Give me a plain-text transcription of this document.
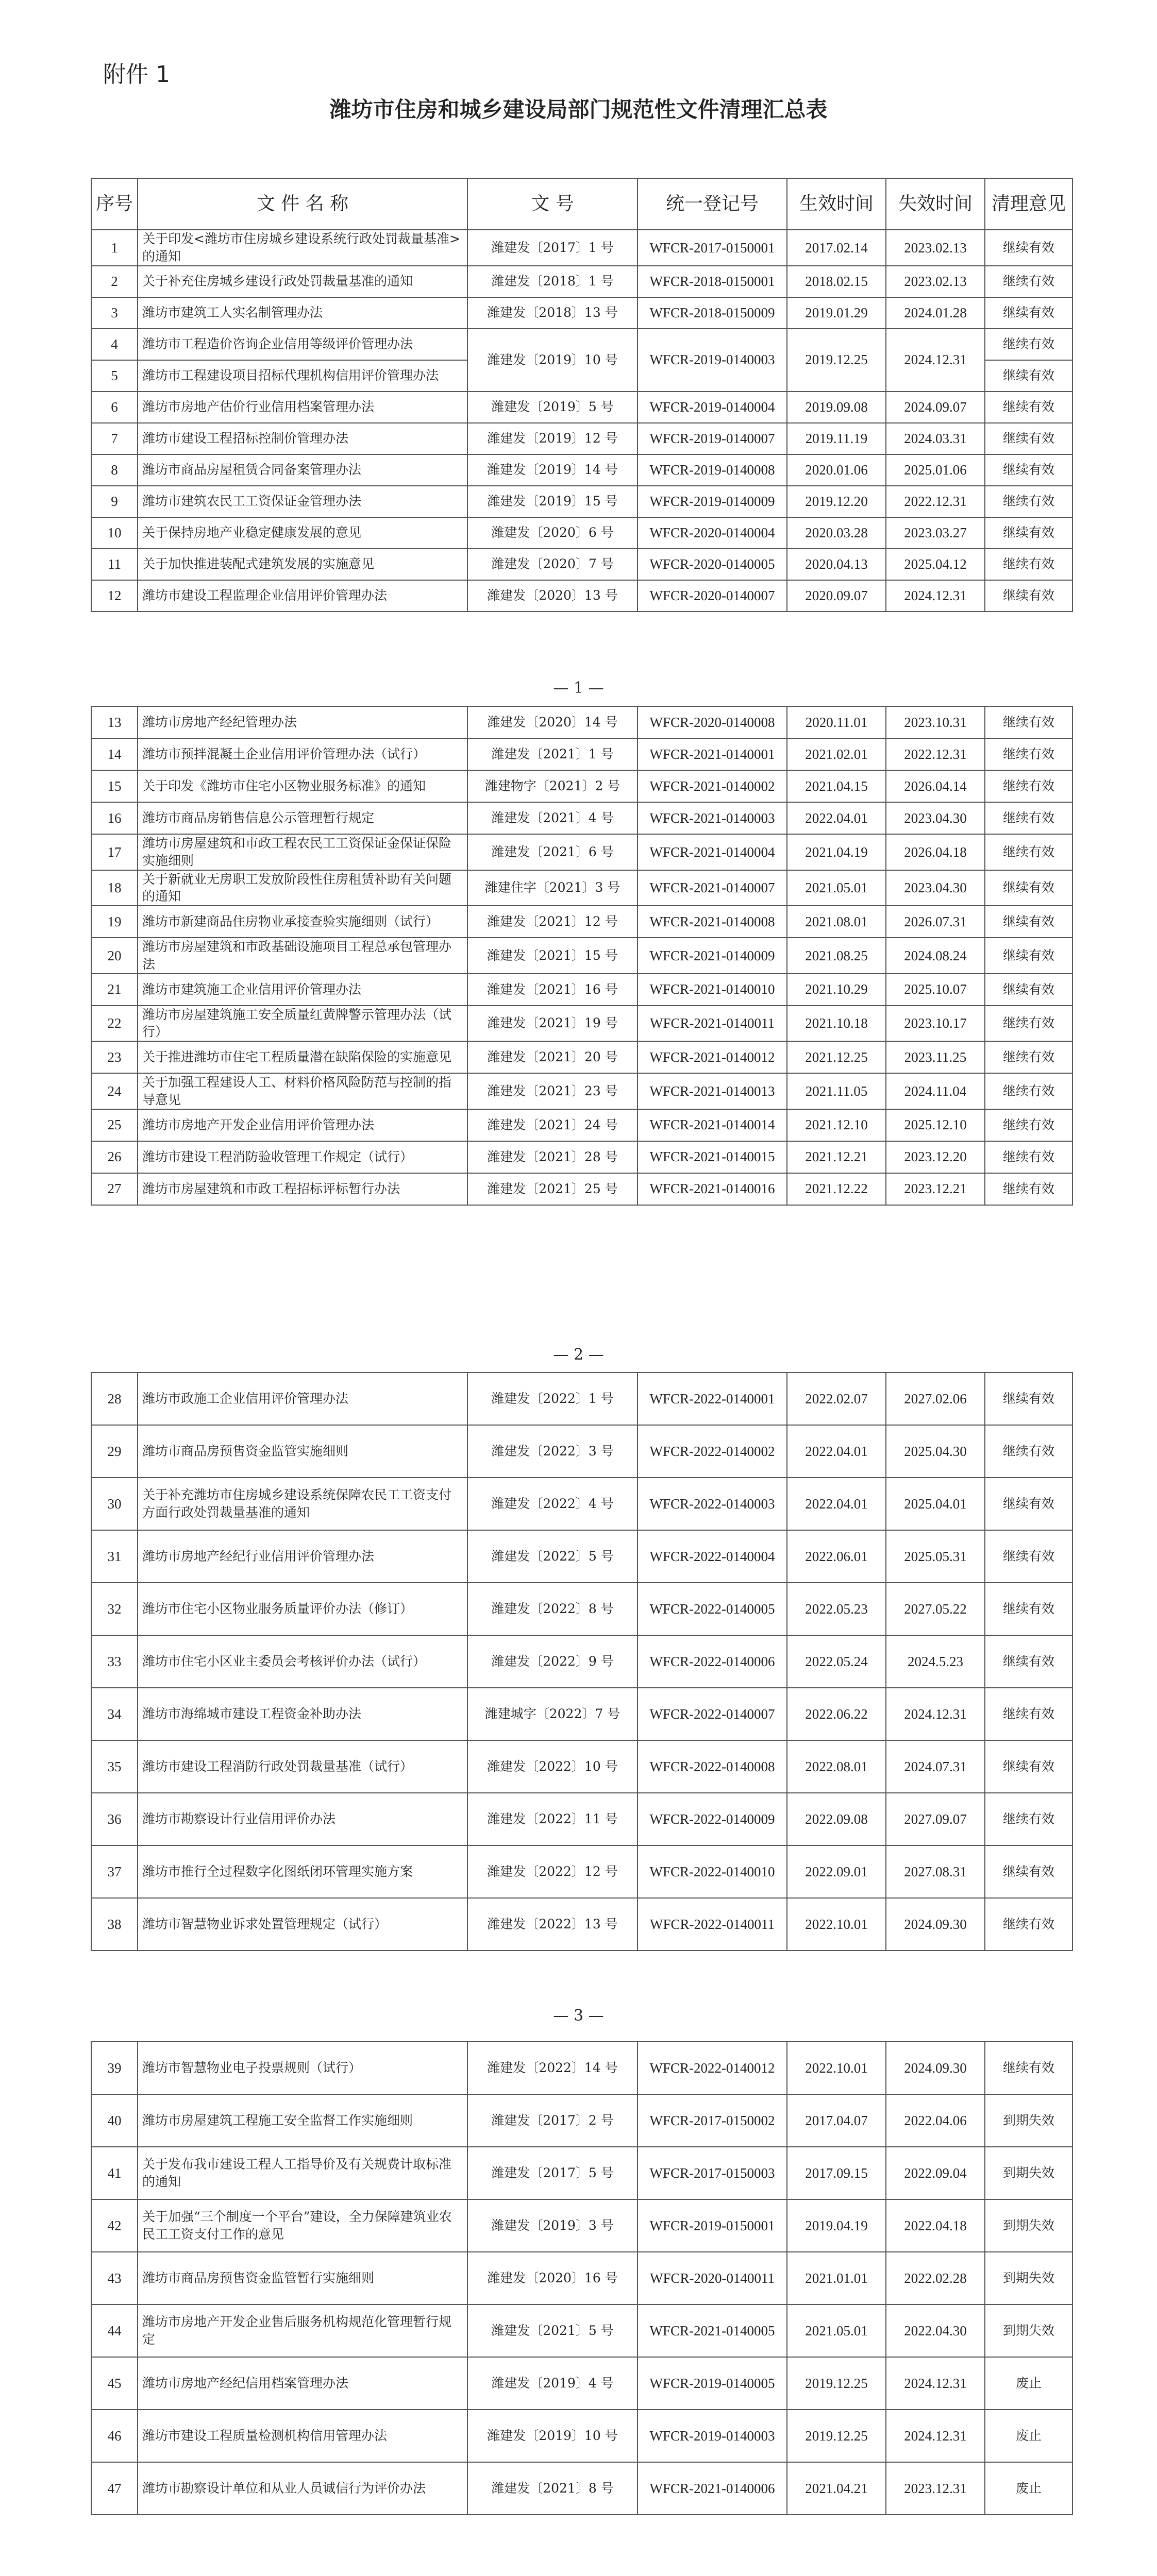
附件 1
潍坊市住房和城乡建设局部门规范性文件清理汇总表
序号	文 件 名 称	文 号	统一登记号	生效时间	失效时间	清理意见
1	关于印发<潍坊市住房城乡建设系统行政处罚裁量基准>的通知	潍建发〔2017〕1 号	WFCR-2017-0150001	2017.02.14	2023.02.13	继续有效
2	关于补充住房城乡建设行政处罚裁量基准的通知	潍建发〔2018〕1 号	WFCR-2018-0150001	2018.02.15	2023.02.13	继续有效
3	潍坊市建筑工人实名制管理办法	潍建发〔2018〕13 号	WFCR-2018-0150009	2019.01.29	2024.01.28	继续有效
4	潍坊市工程造价咨询企业信用等级评价管理办法	潍建发〔2019〕10 号	WFCR-2019-0140003	2019.12.25	2024.12.31	继续有效
5	潍坊市工程建设项目招标代理机构信用评价管理办法					继续有效
6	潍坊市房地产估价行业信用档案管理办法	潍建发〔2019〕5 号	WFCR-2019-0140004	2019.09.08	2024.09.07	继续有效
7	潍坊市建设工程招标控制价管理办法	潍建发〔2019〕12 号	WFCR-2019-0140007	2019.11.19	2024.03.31	继续有效
8	潍坊市商品房屋租赁合同备案管理办法	潍建发〔2019〕14 号	WFCR-2019-0140008	2020.01.06	2025.01.06	继续有效
9	潍坊市建筑农民工工资保证金管理办法	潍建发〔2019〕15 号	WFCR-2019-0140009	2019.12.20	2022.12.31	继续有效
10	关于保持房地产业稳定健康发展的意见	潍建发〔2020〕6 号	WFCR-2020-0140004	2020.03.28	2023.03.27	继续有效
11	关于加快推进装配式建筑发展的实施意见	潍建发〔2020〕7 号	WFCR-2020-0140005	2020.04.13	2025.04.12	继续有效
12	潍坊市建设工程监理企业信用评价管理办法	潍建发〔2020〕13 号	WFCR-2020-0140007	2020.09.07	2024.12.31	继续有效
— 1 —
13	潍坊市房地产经纪管理办法	潍建发〔2020〕14 号	WFCR-2020-0140008	2020.11.01	2023.10.31	继续有效
14	潍坊市预拌混凝土企业信用评价管理办法（试行）	潍建发〔2021〕1 号	WFCR-2021-0140001	2021.02.01	2022.12.31	继续有效
15	关于印发《潍坊市住宅小区物业服务标准》的通知	潍建物字〔2021〕2 号	WFCR-2021-0140002	2021.04.15	2026.04.14	继续有效
16	潍坊市商品房销售信息公示管理暂行规定	潍建发〔2021〕4 号	WFCR-2021-0140003	2022.04.01	2023.04.30	继续有效
17	潍坊市房屋建筑和市政工程农民工工资保证金保证保险实施细则	潍建发〔2021〕6 号	WFCR-2021-0140004	2021.04.19	2026.04.18	继续有效
18	关于新就业无房职工发放阶段性住房租赁补助有关问题的通知	潍建住字〔2021〕3 号	WFCR-2021-0140007	2021.05.01	2023.04.30	继续有效
19	潍坊市新建商品住房物业承接查验实施细则（试行）	潍建发〔2021〕12 号	WFCR-2021-0140008	2021.08.01	2026.07.31	继续有效
20	潍坊市房屋建筑和市政基础设施项目工程总承包管理办法	潍建发〔2021〕15 号	WFCR-2021-0140009	2021.08.25	2024.08.24	继续有效
21	潍坊市建筑施工企业信用评价管理办法	潍建发〔2021〕16 号	WFCR-2021-0140010	2021.10.29	2025.10.07	继续有效
22	潍坊市房屋建筑施工安全质量红黄牌警示管理办法（试行）	潍建发〔2021〕19 号	WFCR-2021-0140011	2021.10.18	2023.10.17	继续有效
23	关于推进潍坊市住宅工程质量潜在缺陷保险的实施意见	潍建发〔2021〕20 号	WFCR-2021-0140012	2021.12.25	2023.11.25	继续有效
24	关于加强工程建设人工、材料价格风险防范与控制的指导意见	潍建发〔2021〕23 号	WFCR-2021-0140013	2021.11.05	2024.11.04	继续有效
25	潍坊市房地产开发企业信用评价管理办法	潍建发〔2021〕24 号	WFCR-2021-0140014	2021.12.10	2025.12.10	继续有效
26	潍坊市建设工程消防验收管理工作规定（试行）	潍建发〔2021〕28 号	WFCR-2021-0140015	2021.12.21	2023.12.20	继续有效
27	潍坊市房屋建筑和市政工程招标评标暂行办法	潍建发〔2021〕25 号	WFCR-2021-0140016	2021.12.22	2023.12.21	继续有效
— 2 —
28	潍坊市政施工企业信用评价管理办法	潍建发〔2022〕1 号	WFCR-2022-0140001	2022.02.07	2027.02.06	继续有效
29	潍坊市商品房预售资金监管实施细则	潍建发〔2022〕3 号	WFCR-2022-0140002	2022.04.01	2025.04.30	继续有效
30	关于补充潍坊市住房城乡建设系统保障农民工工资支付方面行政处罚裁量基准的通知	潍建发〔2022〕4 号	WFCR-2022-0140003	2022.04.01	2025.04.01	继续有效
31	潍坊市房地产经纪行业信用评价管理办法	潍建发〔2022〕5 号	WFCR-2022-0140004	2022.06.01	2025.05.31	继续有效
32	潍坊市住宅小区物业服务质量评价办法（修订）	潍建发〔2022〕8 号	WFCR-2022-0140005	2022.05.23	2027.05.22	继续有效
33	潍坊市住宅小区业主委员会考核评价办法（试行）	潍建发〔2022〕9 号	WFCR-2022-0140006	2022.05.24	2024.5.23	继续有效
34	潍坊市海绵城市建设工程资金补助办法	潍建城字〔2022〕7 号	WFCR-2022-0140007	2022.06.22	2024.12.31	继续有效
35	潍坊市建设工程消防行政处罚裁量基准（试行）	潍建发〔2022〕10 号	WFCR-2022-0140008	2022.08.01	2024.07.31	继续有效
36	潍坊市勘察设计行业信用评价办法	潍建发〔2022〕11 号	WFCR-2022-0140009	2022.09.08	2027.09.07	继续有效
37	潍坊市推行全过程数字化图纸闭环管理实施方案	潍建发〔2022〕12 号	WFCR-2022-0140010	2022.09.01	2027.08.31	继续有效
38	潍坊市智慧物业诉求处置管理规定（试行）	潍建发〔2022〕13 号	WFCR-2022-0140011	2022.10.01	2024.09.30	继续有效
— 3 —
39	潍坊市智慧物业电子投票规则（试行）	潍建发〔2022〕14 号	WFCR-2022-0140012	2022.10.01	2024.09.30	继续有效
40	潍坊市房屋建筑工程施工安全监督工作实施细则	潍建发〔2017〕2 号	WFCR-2017-0150002	2017.04.07	2022.04.06	到期失效
41	关于发布我市建设工程人工指导价及有关规费计取标准的通知	潍建发〔2017〕5 号	WFCR-2017-0150003	2017.09.15	2022.09.04	到期失效
42	关于加强“三个制度一个平台”建设，全力保障建筑业农民工工资支付工作的意见	潍建发〔2019〕3 号	WFCR-2019-0150001	2019.04.19	2022.04.18	到期失效
43	潍坊市商品房预售资金监管暂行实施细则	潍建发〔2020〕16 号	WFCR-2020-0140011	2021.01.01	2022.02.28	到期失效
44	潍坊市房地产开发企业售后服务机构规范化管理暂行规定	潍建发〔2021〕5 号	WFCR-2021-0140005	2021.05.01	2022.04.30	到期失效
45	潍坊市房地产经纪信用档案管理办法	潍建发〔2019〕4 号	WFCR-2019-0140005	2019.12.25	2024.12.31	废止
46	潍坊市建设工程质量检测机构信用管理办法	潍建发〔2019〕10 号	WFCR-2019-0140003	2019.12.25	2024.12.31	废止
47	潍坊市勘察设计单位和从业人员诚信行为评价办法	潍建发〔2021〕8 号	WFCR-2021-0140006	2021.04.21	2023.12.31	废止
